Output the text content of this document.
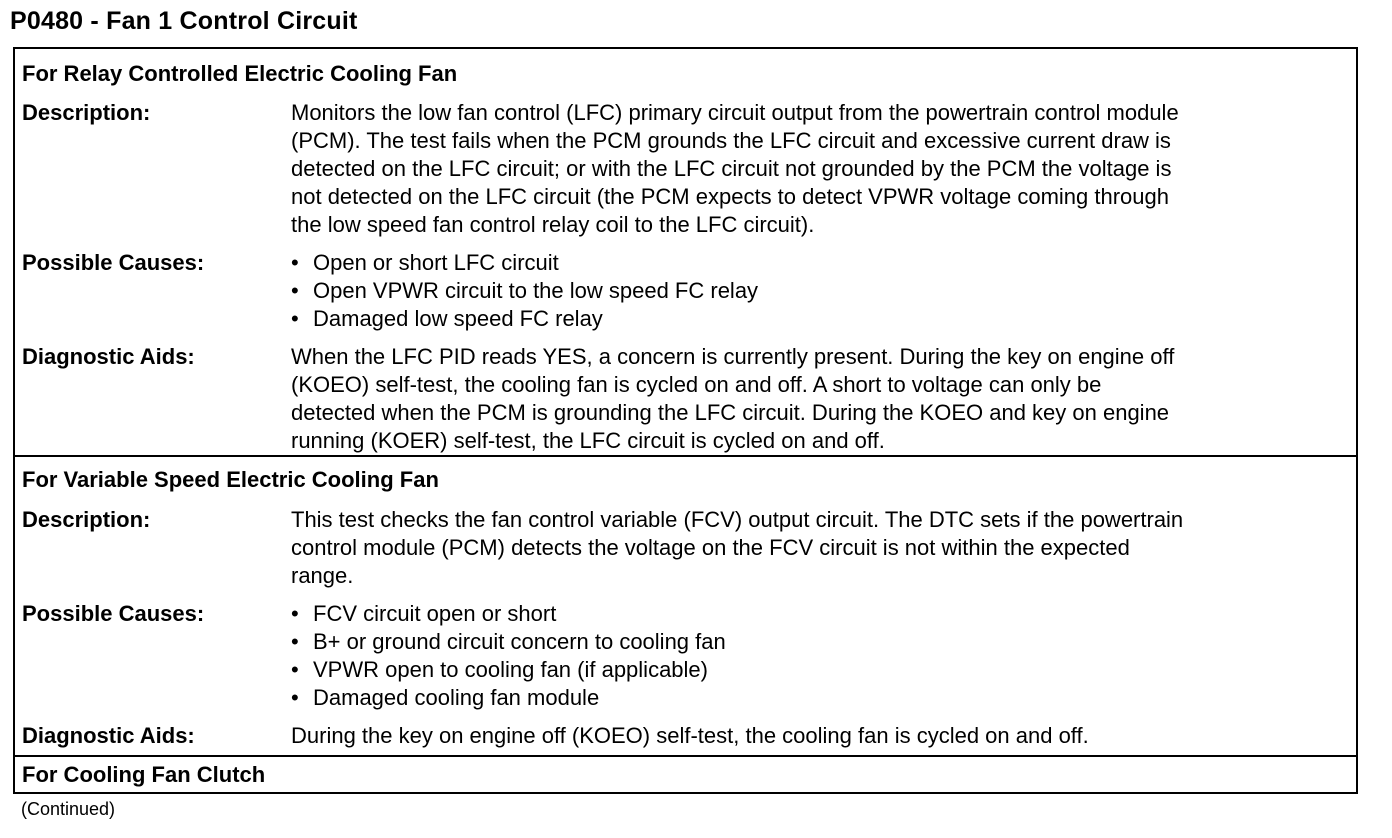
P0480 - Fan 1 Control Circuit
For Relay Controlled Electric Cooling Fan
Description:	Monitors the low fan control (LFC) primary circuit output from the powertrain control module
(PCM). The test fails when the PCM grounds the LFC circuit and excessive current draw is
detected on the LFC circuit; or with the LFC circuit not grounded by the PCM the voltage is
not detected on the LFC circuit (the PCM expects to detect VPWR voltage coming through
the low speed fan control relay coil to the LFC circuit).
Possible Causes:	• Open or short LFC circuit
• Open VPWR circuit to the low speed FC relay
• Damaged low speed FC relay
Diagnostic Aids:	When the LFC PID reads YES, a concern is currently present. During the key on engine off
(KOEO) self-test, the cooling fan is cycled on and off. A short to voltage can only be
detected when the PCM is grounding the LFC circuit. During the KOEO and key on engine
running (KOER) self-test, the LFC circuit is cycled on and off.
For Variable Speed Electric Cooling Fan
Description:	This test checks the fan control variable (FCV) output circuit. The DTC sets if the powertrain
control module (PCM) detects the voltage on the FCV circuit is not within the expected
range.
Possible Causes:	• FCV circuit open or short
• B+ or ground circuit concern to cooling fan
• VPWR open to cooling fan (if applicable)
• Damaged cooling fan module
Diagnostic Aids:	During the key on engine off (KOEO) self-test, the cooling fan is cycled on and off.
For Cooling Fan Clutch
(Continued)
